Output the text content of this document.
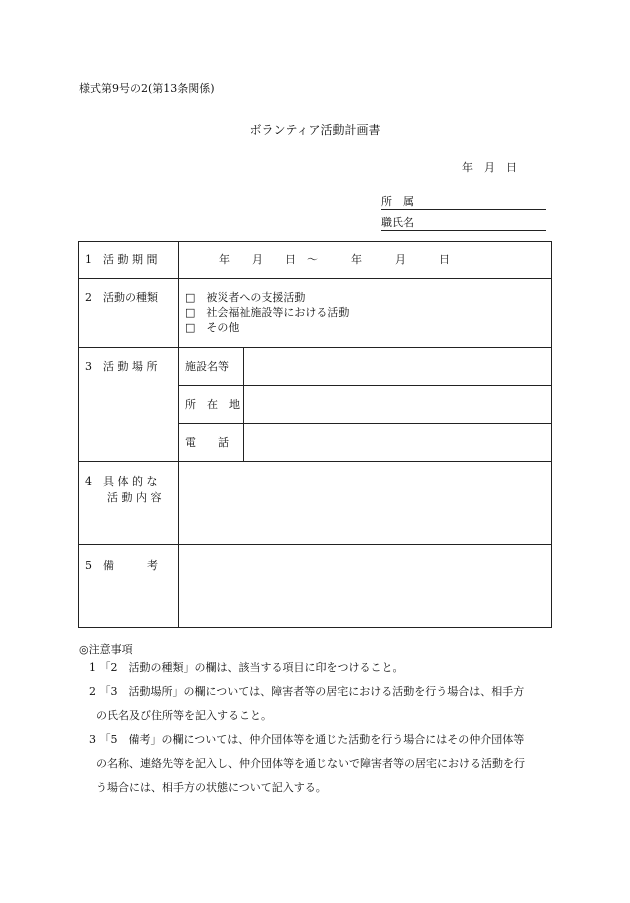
様式第9号の2(第13条関係)
ボランティア活動計画書
年　月　日
所　属
職氏名
1　活 動 期 間	年　　月　　日　～　　　年　　　月　　　日
2　活動の種類 □　被災者への支援活動
□　社会福祉施設等における活動
□　その他
3　活 動 場 所	施設名等
所　在　地
電　　話
4　具 体 的 な
活 動 内 容
5　備　　　考
◎注意事項
1 「2　活動の種類」の欄は、該当する項目に印をつけること。
2 「3　活動場所」の欄については、障害者等の居宅における活動を行う場合は、相手方
の氏名及び住所等を記入すること。
3 「5　備考」の欄については、仲介団体等を通じた活動を行う場合にはその仲介団体等
の名称、連絡先等を記入し、仲介団体等を通じないで障害者等の居宅における活動を行
う場合には、相手方の状態について記入する。
